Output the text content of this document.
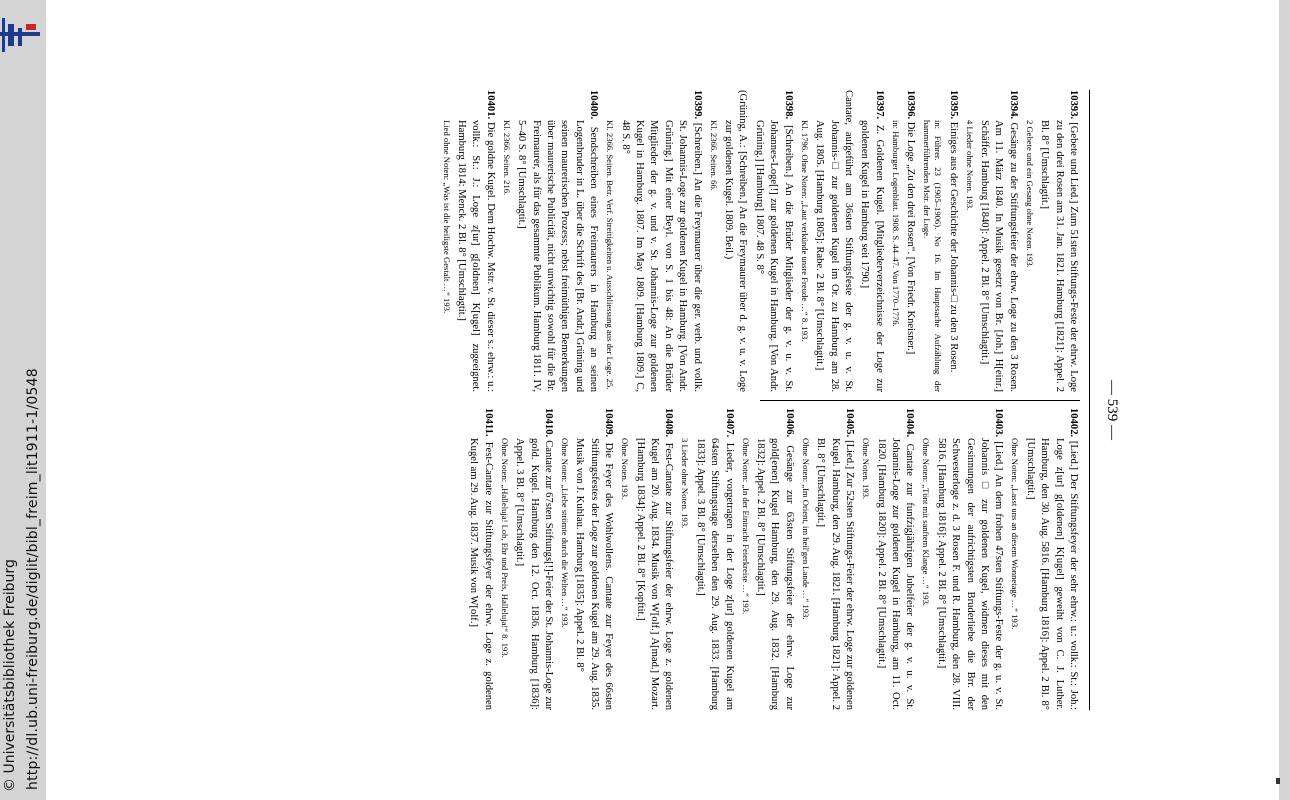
http://dl.ub.uni-freiburg.de/diglit/bibl_freim_lit1911-1/0548
© Universitätsbibliothek Freiburg
— 539 —
10393. [Gebete und Lied.] Zum 51sten Stiftungs-Feste der ehrw. Loge zu den drei Rosen am 31. Jan. 1821. Hamburg [1821]: Appel. 2 Bl. 8° [Umschlagtit.]
2 Gebete und ein Gesang ohne Noten. 193.
10394. Gesänge zu der Stiftungsfeier der ehrw. Loge zu den 3 Rosen. Am 11. März 1840. In Musik gesetzt von Br. [Joh.] H[einr.] Schäffer. Hamburg [1840]: Appel. 2 Bl. 8° [Umschlagtit.]
4 Lieder ohne Noten. 193.
10395. Einiges aus der Geschichte der Johannis-□ zu den 3 Rosen.
in: Führer. 23 (1905–1906). No 16. Im Hauptsache Aufzählung der hammerführenden Mstr. der Loge.
10396. Die Loge „Zu den drei Rosen“. [Von Friedr. Kneisner.]
in: Hamburger Logenblatt. 1908. S. 44–47. Von 1770–1776.
10397. Z. Goldenen Kugel. [Mitgliederverzeichnisse der Loge zur goldenen Kugel in Hamburg seit 1790.]
Cantate, aufgeführt am 36sten Stiftungsfeste der g. v. u. v. St. Johannis-□ zur goldenen Kugel im Or. zu Hamburg am 28. Aug. 1805. [Hamburg 1805]: Rabe. 2 Bl. 8° [Umschlagtit.]
Kl. 1796. Ohne Noten: „Laut verkünde unsre Freude …“ 8. 193.
10398. [Schreiben.] An die Brüder Mitglieder der g. v. u. v. St. Johannes-Loge[!] zur goldenen Kugel in Hamburg. [Von Andr. Grüning.] [Hamburg] 1807. 48 S. 8°
(Grüning, A.: [Schreiben.] An die Freymaurer über d. g. v. u. v. Loge zur goldenen Kugel. 1809. Beil.)
Kl. 2366. Seiten. 66.
10399. [Schreiben.] An die Freymaurer über die ger. verb. und vollk. St. Johannis-Loge zur goldenen Kugel in Hamburg. [Von Andr. Grüning.] Mit einer Beyl. von S. 1 bis 48: An die Brüder Mitglieder der g. v. und v. St. Johannis-Loge zur goldenen Kugel in Hamburg. 1807. Im May 1809. [Hamburg 1809.] C, 48 S. 8°
Kl. 2366. Seiten. Betr. Verf. Streitigkeiten u. Ausschliessung aus der Loge. 25.
10400. Sendschreiben eines Freimaurers in Hamburg an seinen Logenbruder in L. über die Schrift des [Br. Andr.] Grüning und seinen maurerischen Prozess; nebst freimüthigen Bemerkungen über maurerische Publicität, nicht unwichtig sowohl für die Br. Freimaurer, als für das gesammte Publikum. Hamburg 1811. IV, 5–40 S. 8° [Umschlagtit.]
Kl. 2366. Seiten. 216.
10401. Die goldne Kugel. Dem Hochw. Mstr. v. St. dieser s.: ehrw.: u.: vollk.: St.: J.: Loge z[ur] g[oldnen] K[ugel] zugeeignet. Hamburg 1814: Menck. 2 Bl. 8° [Umschlagtit.]
Lied ohne Noten: „Was ist die heiligste Gestalt …“ 193.
10402. [Lied.] Der Stiftungsfeyer der sehr ehrw.: u.: vollk.: St.: Joh.: Loge z[ur] g[oldenen] K[ugel] geweiht von C. J. Luther. Hamburg, den 30. Aug. 5816. [Hamburg 1816]: Appel. 2 Bl. 8° [Umschlagtit.]
Ohne Noten: „Lasst uns an diesem Wonnetage …“ 193.
10403. [Lied.] An dem frohen 47sten Stiftungs-Feste der g. u. v. St. Johannis □ zur goldenen Kugel, widmen dieses mit den Gesinnungen der aufrichtigsten Bruderliebe die Brr. der Schwesterloge z. d. 3 Rosen F. und R. Hamburg, den 28. VIII. 5816. [Hamburg 1816]: Appel. 2 Bl. 8° [Umschlagtit.]
Ohne Noten: „Tönt mit sanftem Klange …“ 193.
10404. Cantate zur funfzigjährigen Jubelfeier der g. v. u. v. St. Johannis-Loge zur goldenen Kugel in Hamburg, am 11. Oct. 1820. [Hamburg 1820]: Appel. 2 Bl. 8° [Umschlagtit.]
Ohne Noten. 193.
10405. [Lied.] Zur 52sten Stiftungs-Feier der ehrw. Loge zur goldenen Kugel. Hamburg, den 29. Aug. 1821. [Hamburg 1821]: Appel. 2 Bl. 8° [Umschlagtit.]
Ohne Noten: „Im Orient, im heil'gen Lande …“ 193.
10406. Gesänge zur 63sten Stiftungsfeier der ehrw. Loge zur gold[enen] Kugel Hamburg, den 29. Aug. 1832. [Hamburg 1832]: Appel. 2 Bl. 8° [Umschlagtit.]
Ohne Noten: „In der Eintracht Feierkreise …“ 193.
10407. Lieder, vorgetragen in der Loge z[ur] goldenen Kugel am 64sten Stiftungstage derselben den 29. Aug. 1833. [Hamburg 1833]: Appel. 3 Bl. 8° [Umschlagtit.]
3 Lieder ohne Noten. 193.
10408. Fest-Cantate zur Stiftungsfeier der ehrw. Loge z. goldenen Kugel am 20. Aug. 1834. Musik von W[olf.] A[mad.] Mozart. [Hamburg 1834]: Appel. 2 Bl. 8° [Kopftit.]
Ohne Noten. 193.
10409. Die Feyer des Wohlwollens. Cantate zur Feyer des 66sten Stiftungsfestes der Loge zur goldenen Kugel am 29. Aug. 1835. Musik von J. Kuhlau. Hamburg [1835]: Appel. 2 Bl. 8°
Ohne Noten: „Liebe strömte durch die Welten …“ 193.
10410. Cantate zur 67sten Stiftungs[!]-Feier der St. Johannis-Loge zur gold. Kugel. Hamburg den 12. Oct. 1836. Hamburg [1836]: Appel. 3 Bl. 8° [Umschlagtit.]
Ohne Noten: „Halleluja! Lob, Ehr und Preis, Halleluja!“ 8. 193.
10411. Fest-Cantate zur Stiftungsfeyer der ehrw. Loge z. goldenen Kugel am 29. Aug. 1837. Musik von W[olf.]
